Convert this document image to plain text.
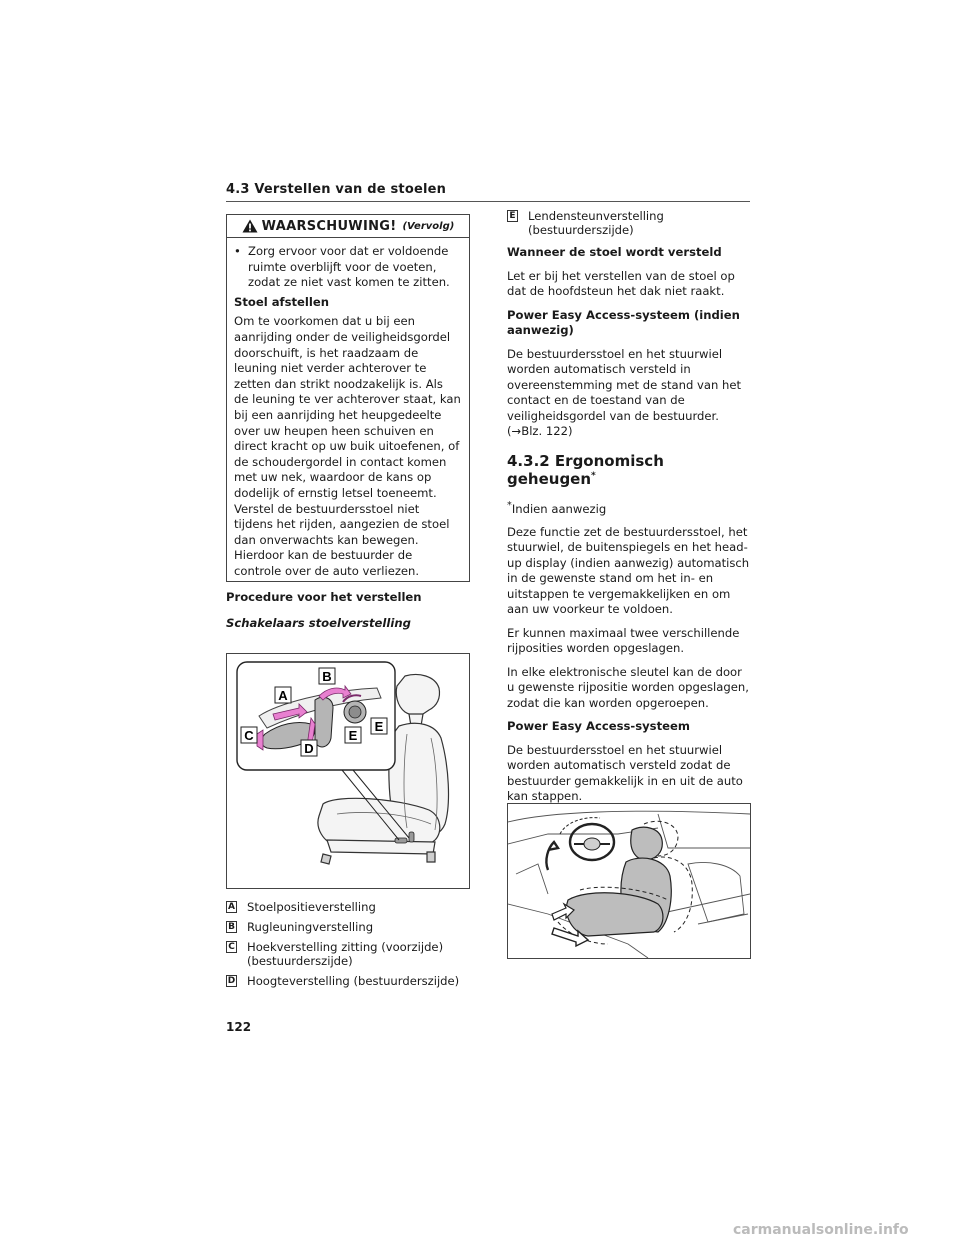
4.3 Verstellen van de stoelen
WAARSCHUWING! (Vervolg)
• Zorg ervoor voor dat er voldoende ruimte overblijft voor de voeten, zodat ze niet vast komen te zitten.
Stoel afstellen

Om te voorkomen dat u bij een aanrijding onder de veiligheidsgordel doorschuift, is het raadzaam de leuning niet verder achterover te zetten dan strikt noodzakelijk is. Als de leuning te ver achterover staat, kan bij een aanrijding het heupgedeelte over uw heupen heen schuiven en direct kracht op uw buik uitoefenen, of de schoudergordel in contact komen met uw nek, waardoor de kans op dodelijk of ernstig letsel toeneemt. Verstel de bestuurdersstoel niet tijdens het rijden, aangezien de stoel dan onverwachts kan bewegen. Hierdoor kan de bestuurder de controle over de auto verliezen.

Procedure voor het verstellen
Schakelaars stoelverstelling
A
B
C
D
E
E
A Stoelpositieverstelling
B Rugleuningverstelling
C Hoekverstelling zitting (voorzijde) (bestuurderszijde)
D Hoogteverstelling (bestuurderszijde)
E Lendensteunverstelling (bestuurderszijde)
Wanneer de stoel wordt versteld

Let er bij het verstellen van de stoel op dat de hoofdsteun het dak niet raakt.

Power Easy Access-systeem (indien aanwezig)

De bestuurdersstoel en het stuurwiel worden automatisch versteld in overeenstemming met de stand van het contact en de toestand van de veiligheidsgordel van de bestuurder. (→Blz. 122)

4.3.2 Ergonomisch geheugen*

*Indien aanwezig

Deze functie zet de bestuurdersstoel, het stuurwiel, de buitenspiegels en het head-up display (indien aanwezig) automatisch in de gewenste stand om het in- en uitstappen te vergemakkelijken en om aan uw voorkeur te voldoen.

Er kunnen maximaal twee verschillende rijposities worden opgeslagen.

In elke elektronische sleutel kan de door u gewenste rijpositie worden opgeslagen, zodat die kan worden opgeroepen.

Power Easy Access-systeem

De bestuurdersstoel en het stuurwiel worden automatisch versteld zodat de bestuurder gemakkelijk in en uit de auto kan stappen.

122
carmanualsonline.info
